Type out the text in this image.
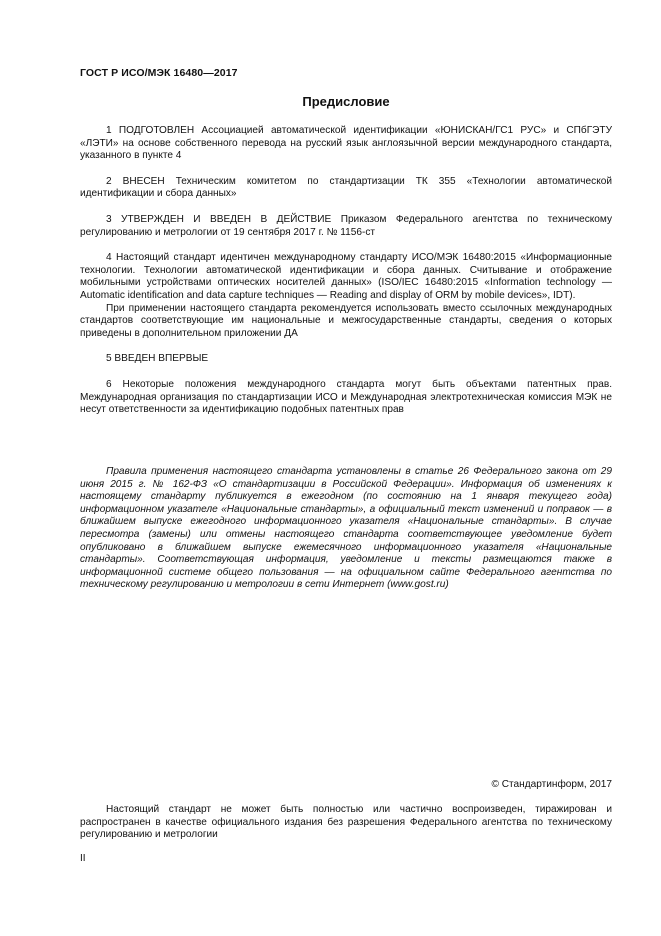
ГОСТ Р ИСО/МЭК 16480—2017
Предисловие

1 ПОДГОТОВЛЕН Ассоциацией автоматической идентификации «ЮНИСКАН/ГС1 РУС» и СПбГЭТУ «ЛЭТИ» на основе собственного перевода на русский язык англоязычной версии международного стандарта, указанного в пункте 4

2 ВНЕСЕН Техническим комитетом по стандартизации ТК 355 «Технологии автоматической идентификации и сбора данных»

3 УТВЕРЖДЕН И ВВЕДЕН В ДЕЙСТВИЕ Приказом Федерального агентства по техническому регулированию и метрологии от 19 сентября 2017 г. № 1156-ст

4 Настоящий стандарт идентичен международному стандарту ИСО/МЭК 16480:2015 «Информационные технологии. Технологии автоматической идентификации и сбора данных. Считывание и отображение мобильными устройствами оптических носителей данных» (ISO/IEC 16480:2015 «Information technology — Automatic identification and data capture techniques — Reading and display of ORM by mobile devices», IDT).

При применении настоящего стандарта рекомендуется использовать вместо ссылочных международных стандартов соответствующие им национальные и межгосударственные стандарты, сведения о которых приведены в дополнительном приложении ДА

5 ВВЕДЕН ВПЕРВЫЕ

6 Некоторые положения международного стандарта могут быть объектами патентных прав. Международная организация по стандартизации ИСО и Международная электротехническая комиссия МЭК не несут ответственности за идентификацию подобных патентных прав

Правила применения настоящего стандарта установлены в статье 26 Федерального закона от 29 июня 2015 г. № 162-ФЗ «О стандартизации в Российской Федерации». Информация об изменениях к настоящему стандарту публикуется в ежегодном (по состоянию на 1 января текущего года) информационном указателе «Национальные стандарты», а официальный текст изменений и поправок — в ближайшем выпуске ежегодного информационного указателя «Национальные стандарты». В случае пересмотра (замены) или отмены настоящего стандарта соответствующее уведомление будет опубликовано в ближайшем выпуске ежемесячного информационного указателя «Национальные стандарты». Соответствующая информация, уведомление и тексты размещаются также в информационной системе общего пользования — на официальном сайте Федерального агентства по техническому регулированию и метрологии в сети Интернет (www.gost.ru)

© Стандартинформ, 2017

Настоящий стандарт не может быть полностью или частично воспроизведен, тиражирован и распространен в качестве официального издания без разрешения Федерального агентства по техническому регулированию и метрологии

II
